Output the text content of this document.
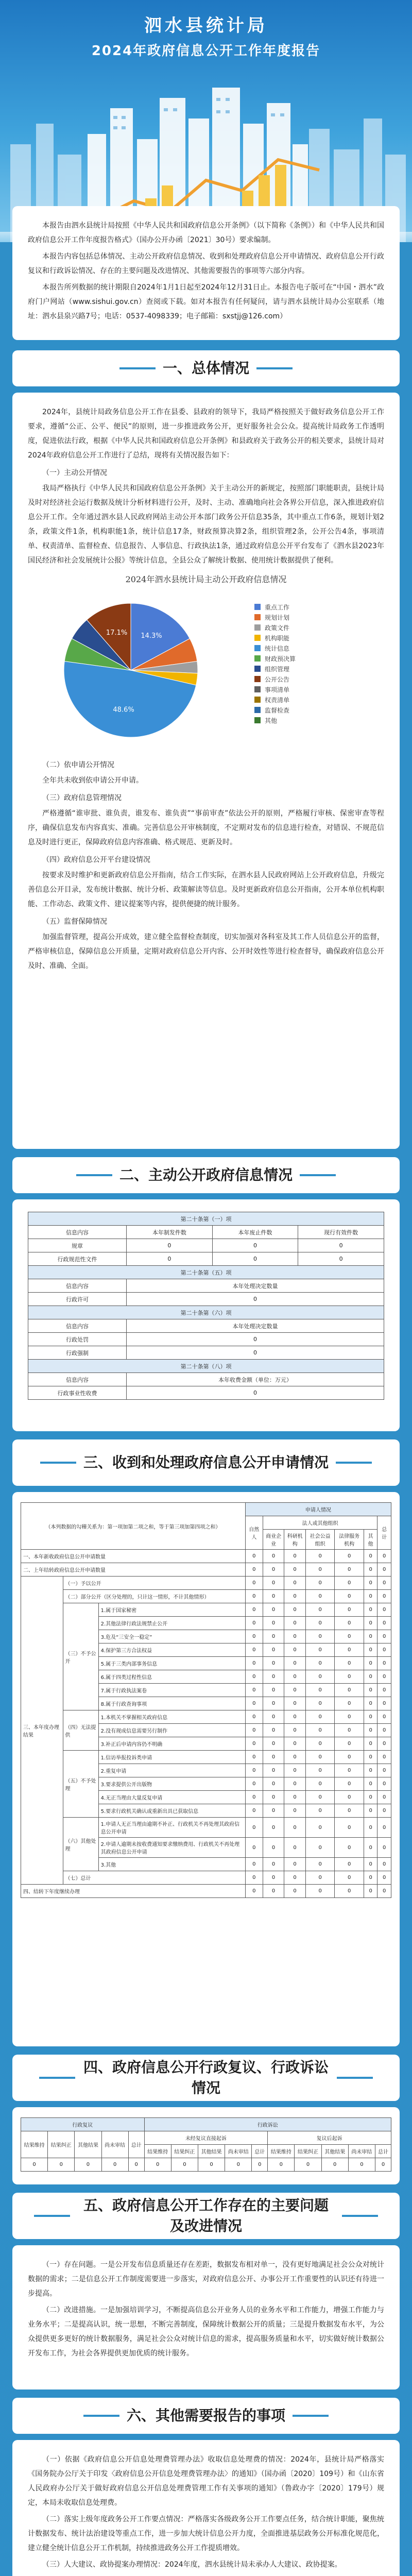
泗水县统计局
2024年政府信息公开工作年度报告

本报告由泗水县统计局按照《中华人民共和国政府信息公开条例》（以下简称《条例》）和《中华人民共和国政府信息公开工作年度报告格式》（国办公开办函〔2021〕30号）要求编制。

本报告内容包括总体情况、主动公开政府信息情况、收到和处理政府信息公开申请情况、政府信息公开行政复议和行政诉讼情况、存在的主要问题及改进情况、其他需要报告的事项等六部分内容。

本报告所列数据的统计期限自2024年1月1日起至2024年12月31日止。本报告电子版可在“中国・泗水”政府门户网站（www.sishui.gov.cn）查阅或下载。如对本报告有任何疑问，请与泗水县统计局办公室联系（地址：泗水县泉兴路7号；电话：0537-4098339；电子邮箱：sxstjj@126.com）

一、总体情况

2024年，县统计局政务信息公开工作在县委、县政府的领导下，我局严格按照关于做好政务信息公开工作要求，遵循“公正、公平、便民”的原则，进一步推进政务公开，更好服务社会公众。提高统计局政务工作透明度，促进依法行政，根据《中华人民共和国政府信息公开条例》和县政府关于政务公开的相关要求，县统计局对2024年政府信息公开工作进行了总结，现将有关情况报告如下：

（一）主动公开情况

我局严格执行《中华人民共和国政府信息公开条例》关于主动公开的新规定，按照部门职能职责，县统计局及时对经济社会运行数据及统计分析材料进行公开，及时、主动、准确地向社会各界公开信息，深入推进政府信息公开工作。全年通过泗水县人民政府网站主动公开本部门政务公开信息35条，其中重点工作6条，规划计划2条，政策文件1条，机构职能1条，统计信息17条，财政预算决算2条，组织管理2条，公开公告4条，事项清单、权责清单、监督检查、信息报告、人事信息、行政执法1条，通过政府信息公开平台发布了《泗水县2023年国民经济和社会发展统计公报》等统计信息，全县公众了解统计数据、使用统计数据提供了便利。

2024年泗水县统计局主动公开政府信息情况
14.3%
48.6%
17.1%
重点工作
规划计划
政策文件
机构职能
统计信息
财政预决算
组织管理
公开公告
事项清单
权责清单
监督检查
其他

（二）依申请公开情况

全年共未收到依申请公开申请。

（三）政府信息管理情况

严格遵循“谁审批、谁负责，谁发布、谁负责”“事前审查”依法公开的原则，严格履行审核、保密审查等程序，确保信息发布内容真实、准确。完善信息公开审核制度，不定期对发布的信息进行检查，对错误、不规范信息及时进行更正，保障政府信息内容准确、格式规范、更新及时。

（四）政府信息公开平台建设情况

按要求及时维护和更新政府信息公开指南，结合工作实际，在泗水县人民政府网站上公开政府信息，升级完善信息公开目录，发布统计数据、统计分析、政策解读等信息。及时更新政府信息公开指南，公开本单位机构职能、工作动态、政策文件、建议提案等内容，提供便捷的统计服务。

（五）监督保障情况

加强监督管理，提高公开成效，建立健全监督检查制度，切实加强对各科室及其工作人员信息公开的监督，严格审核信息，保障信息公开质量，定期对政府信息公开内容、公开时效性等进行检查督导，确保政府信息公开及时、准确、全面。

二、主动公开政府信息情况
第二十条第（一）项			
信息内容	本年制发件数	本年废止件数	现行有效件数
规章	0	0	0
行政规范性文件	0	0	0
第二十条第（五）项			
信息内容	本年处理决定数量		
行政许可	0		
第二十条第（六）项			
信息内容	本年处理决定数量		
行政处罚	0		
行政强制	0		
第二十条第（八）项			
信息内容	本年收费金额（单位：万元）		
行政事业性收费	0		
三、收到和处理政府信息公开申请情况
（本列数据的勾稽关系为：第一项加第二项之和，等于第三项加第四项之和）			申请人情况						
			自然人	法人或其他组织					总计
				商业企业	科研机构	社会公益组织	法律服务机构	其他	
一、本年新收政府信息公开申请数量			0	0	0	0	0	0	0
二、上年结转政府信息公开申请数量			0	0	0	0	0	0	0
三、本年度办理结果	（一）予以公开		0	0	0	0	0	0	0
	（二）部分公开（区分处理的，只计这一情形，不计其他情形）		0	0	0	0	0	0	0
	（三）不予公开	1.属于国家秘密	0	0	0	0	0	0	0
		2.其他法律行政法规禁止公开	0	0	0	0	0	0	0
		3.危及“三安全一稳定”	0	0	0	0	0	0	0
		4.保护第三方合法权益	0	0	0	0	0	0	0
		5.属于三类内部事务信息	0	0	0	0	0	0	0
		6.属于四类过程性信息	0	0	0	0	0	0	0
		7.属于行政执法案卷	0	0	0	0	0	0	0
		8.属于行政查询事项	0	0	0	0	0	0	0
	（四）无法提供	1.本机关不掌握相关政府信息	0	0	0	0	0	0	0
		2.没有现成信息需要另行制作	0	0	0	0	0	0	0
		3.补正后申请内容仍不明确	0	0	0	0	0	0	0
	（五）不予处理	1.信访举报投诉类申请	0	0	0	0	0	0	0
		2.重复申请	0	0	0	0	0	0	0
		3.要求提供公开出版物	0	0	0	0	0	0	0
		4.无正当理由大量反复申请	0	0	0	0	0	0	0
		5.要求行政机关确认或重新出具已获取信息	0	0	0	0	0	0	0
	（六）其他处理	1.申请人无正当理由逾期不补正、行政机关不再处理其政府信息公开申请	0	0	0	0	0	0	0
		2.申请人逾期未按收费通知要求缴纳费用、行政机关不再处理其政府信息公开申请	0	0	0	0	0	0	0
		3.其他	0	0	0	0	0	0	0
	（七）总计		0	0	0	0	0	0	0
四、结转下年度继续办理			0	0	0	0	0	0	0
四、政府信息公开行政复议、行政诉讼情况
行政复议					行政诉讼									
结果维持	结果纠正	其他结果	尚未审结	总计	未经复议直接起诉					复议后起诉				
					结果维持	结果纠正	其他结果	尚未审结	总计	结果维持	结果纠正	其他结果	尚未审结	总计
0	0	0	0	0	0	0	0	0	0	0	0	0	0	0
五、政府信息公开工作存在的主要问题及改进情况

（一）存在问题。一是公开发布信息质量还存在差距，数据发布相对单一，没有更好地满足社会公众对统计数据的需求；二是信息公开工作制度需要进一步落实，对政府信息公开、办事公开工作重要性的认识还有待进一步提高。

（二）改进措施。一是加强培训学习，不断提高信息公开业务人员的业务水平和工作能力，增强工作能力与业务水平；二是提高认识，统一思想，不断完善制度，保障统计数据公开的质量；三是提升数据发布水平，为公众提供更多更好的统计数据服务，满足社会公众对统计信息的需求，提高服务质量和水平，切实做好统计数据公开发布工作，为社会各界提供更加优质的统计服务。

六、其他需要报告的事项

（一）依据《政府信息公开信息处理费管理办法》收取信息处理费的情况：2024年，县统计局严格落实《国务院办公厅关于印发〈政府信息公开信息处理费管理办法〉的通知》（国办函〔2020〕109号）和《山东省人民政府办公厅关于做好政府信息公开信息处理费管理工作有关事项的通知》（鲁政办字〔2020〕179号）规定，本局未收取信息处理费。

（二）落实上级年度政务公开工作要点情况：严格落实各级政务公开工作要点任务，结合统计职能，聚焦统计数据发布、统计法治建设等重点工作，进一步加大统计信息公开力度，全面推进基层政务公开标准化规范化，建立健全统计信息公开工作机制，持续推进政务公开工作提质增效。

（三）人大建议、政协提案办理情况：2024年度，泗水县统计局未承办人大建议、政协提案。
